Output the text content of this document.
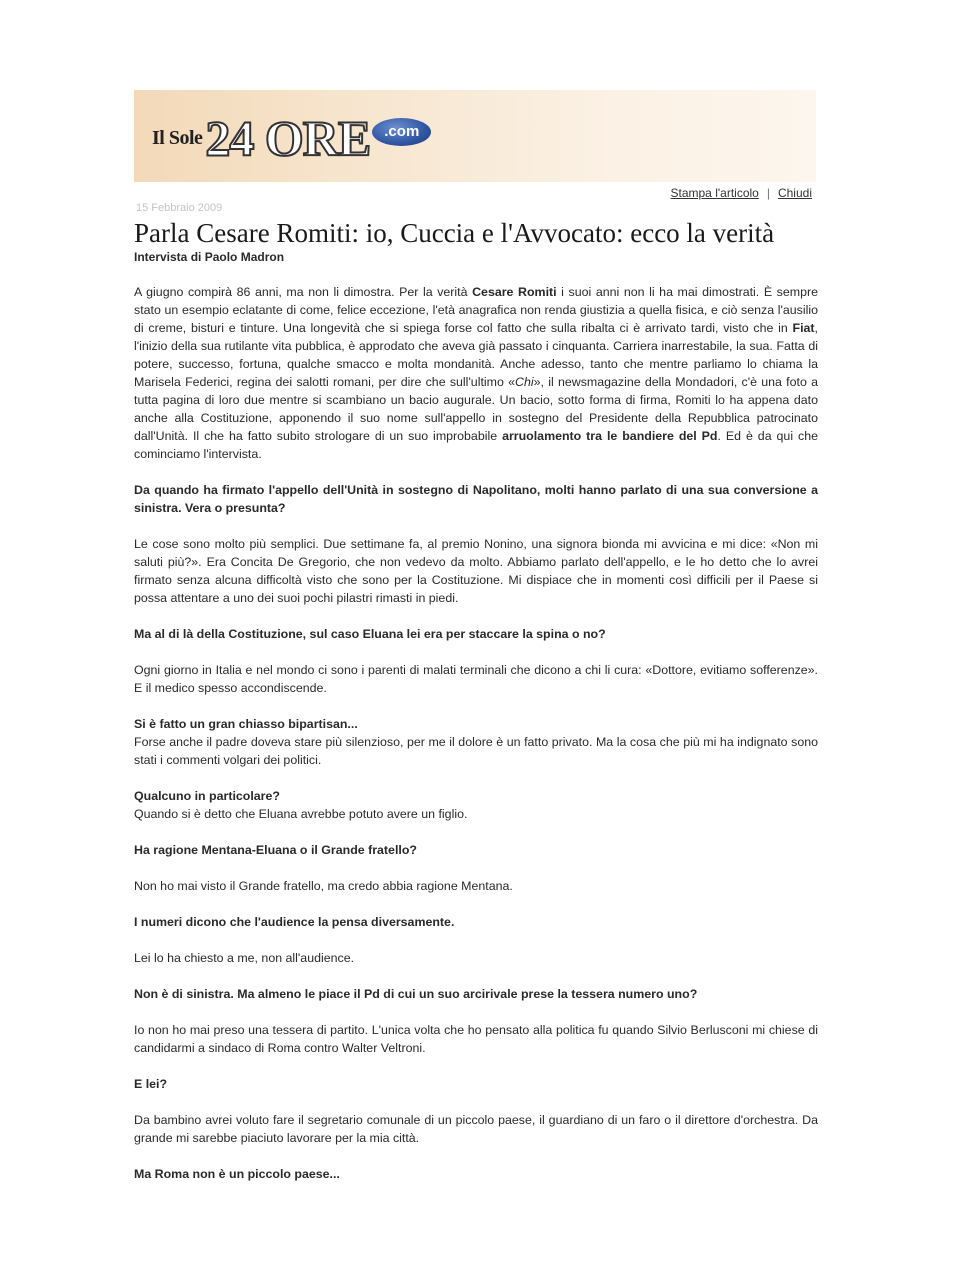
Il Sole 24 ORE .com
Stampa l'articolo | Chiudi
15 Febbraio 2009
Parla Cesare Romiti: io, Cuccia e l'Avvocato: ecco la verità
Intervista di Paolo Madron

A giugno compirà 86 anni, ma non li dimostra. Per la verità Cesare Romiti i suoi anni non li ha mai dimostrati. È sempre stato un esempio eclatante di come, felice eccezione, l'età anagrafica non renda giustizia a quella fisica, e ciò senza l'ausilio di creme, bisturi e tinture. Una longevità che si spiega forse col fatto che sulla ribalta ci è arrivato tardi, visto che in Fiat, l'inizio della sua rutilante vita pubblica, è approdato che aveva già passato i cinquanta. Carriera inarrestabile, la sua. Fatta di potere, successo, fortuna, qualche smacco e molta mondanità. Anche adesso, tanto che mentre parliamo lo chiama la Marisela Federici, regina dei salotti romani, per dire che sull'ultimo «Chi», il newsmagazine della Mondadori, c'è una foto a tutta pagina di loro due mentre si scambiano un bacio augurale. Un bacio, sotto forma di firma, Romiti lo ha appena dato anche alla Costituzione, apponendo il suo nome sull'appello in sostegno del Presidente della Repubblica patrocinato dall'Unità. Il che ha fatto subito strologare di un suo improbabile arruolamento tra le bandiere del Pd. Ed è da qui che cominciamo l'intervista.

Da quando ha firmato l'appello dell'Unità in sostegno di Napolitano, molti hanno parlato di una sua conversione a sinistra. Vera o presunta?

Le cose sono molto più semplici. Due settimane fa, al premio Nonino, una signora bionda mi avvicina e mi dice: «Non mi saluti più?». Era Concita De Gregorio, che non vedevo da molto. Abbiamo parlato dell'appello, e le ho detto che lo avrei firmato senza alcuna difficoltà visto che sono per la Costituzione. Mi dispiace che in momenti così difficili per il Paese si possa attentare a uno dei suoi pochi pilastri rimasti in piedi.

Ma al di là della Costituzione, sul caso Eluana lei era per staccare la spina o no?

Ogni giorno in Italia e nel mondo ci sono i parenti di malati terminali che dicono a chi li cura: «Dottore, evitiamo sofferenze». E il medico spesso accondiscende.

Si è fatto un gran chiasso bipartisan...

Forse anche il padre doveva stare più silenzioso, per me il dolore è un fatto privato. Ma la cosa che più mi ha indignato sono stati i commenti volgari dei politici.

Qualcuno in particolare?

Quando si è detto che Eluana avrebbe potuto avere un figlio.

Ha ragione Mentana-Eluana o il Grande fratello?

Non ho mai visto il Grande fratello, ma credo abbia ragione Mentana.

I numeri dicono che l'audience la pensa diversamente.

Lei lo ha chiesto a me, non all'audience.

Non è di sinistra. Ma almeno le piace il Pd di cui un suo arcirivale prese la tessera numero uno?

Io non ho mai preso una tessera di partito. L'unica volta che ho pensato alla politica fu quando Silvio Berlusconi mi chiese di candidarmi a sindaco di Roma contro Walter Veltroni.

E lei?

Da bambino avrei voluto fare il segretario comunale di un piccolo paese, il guardiano di un faro o il direttore d'orchestra. Da grande mi sarebbe piaciuto lavorare per la mia città.

Ma Roma non è un piccolo paese...
